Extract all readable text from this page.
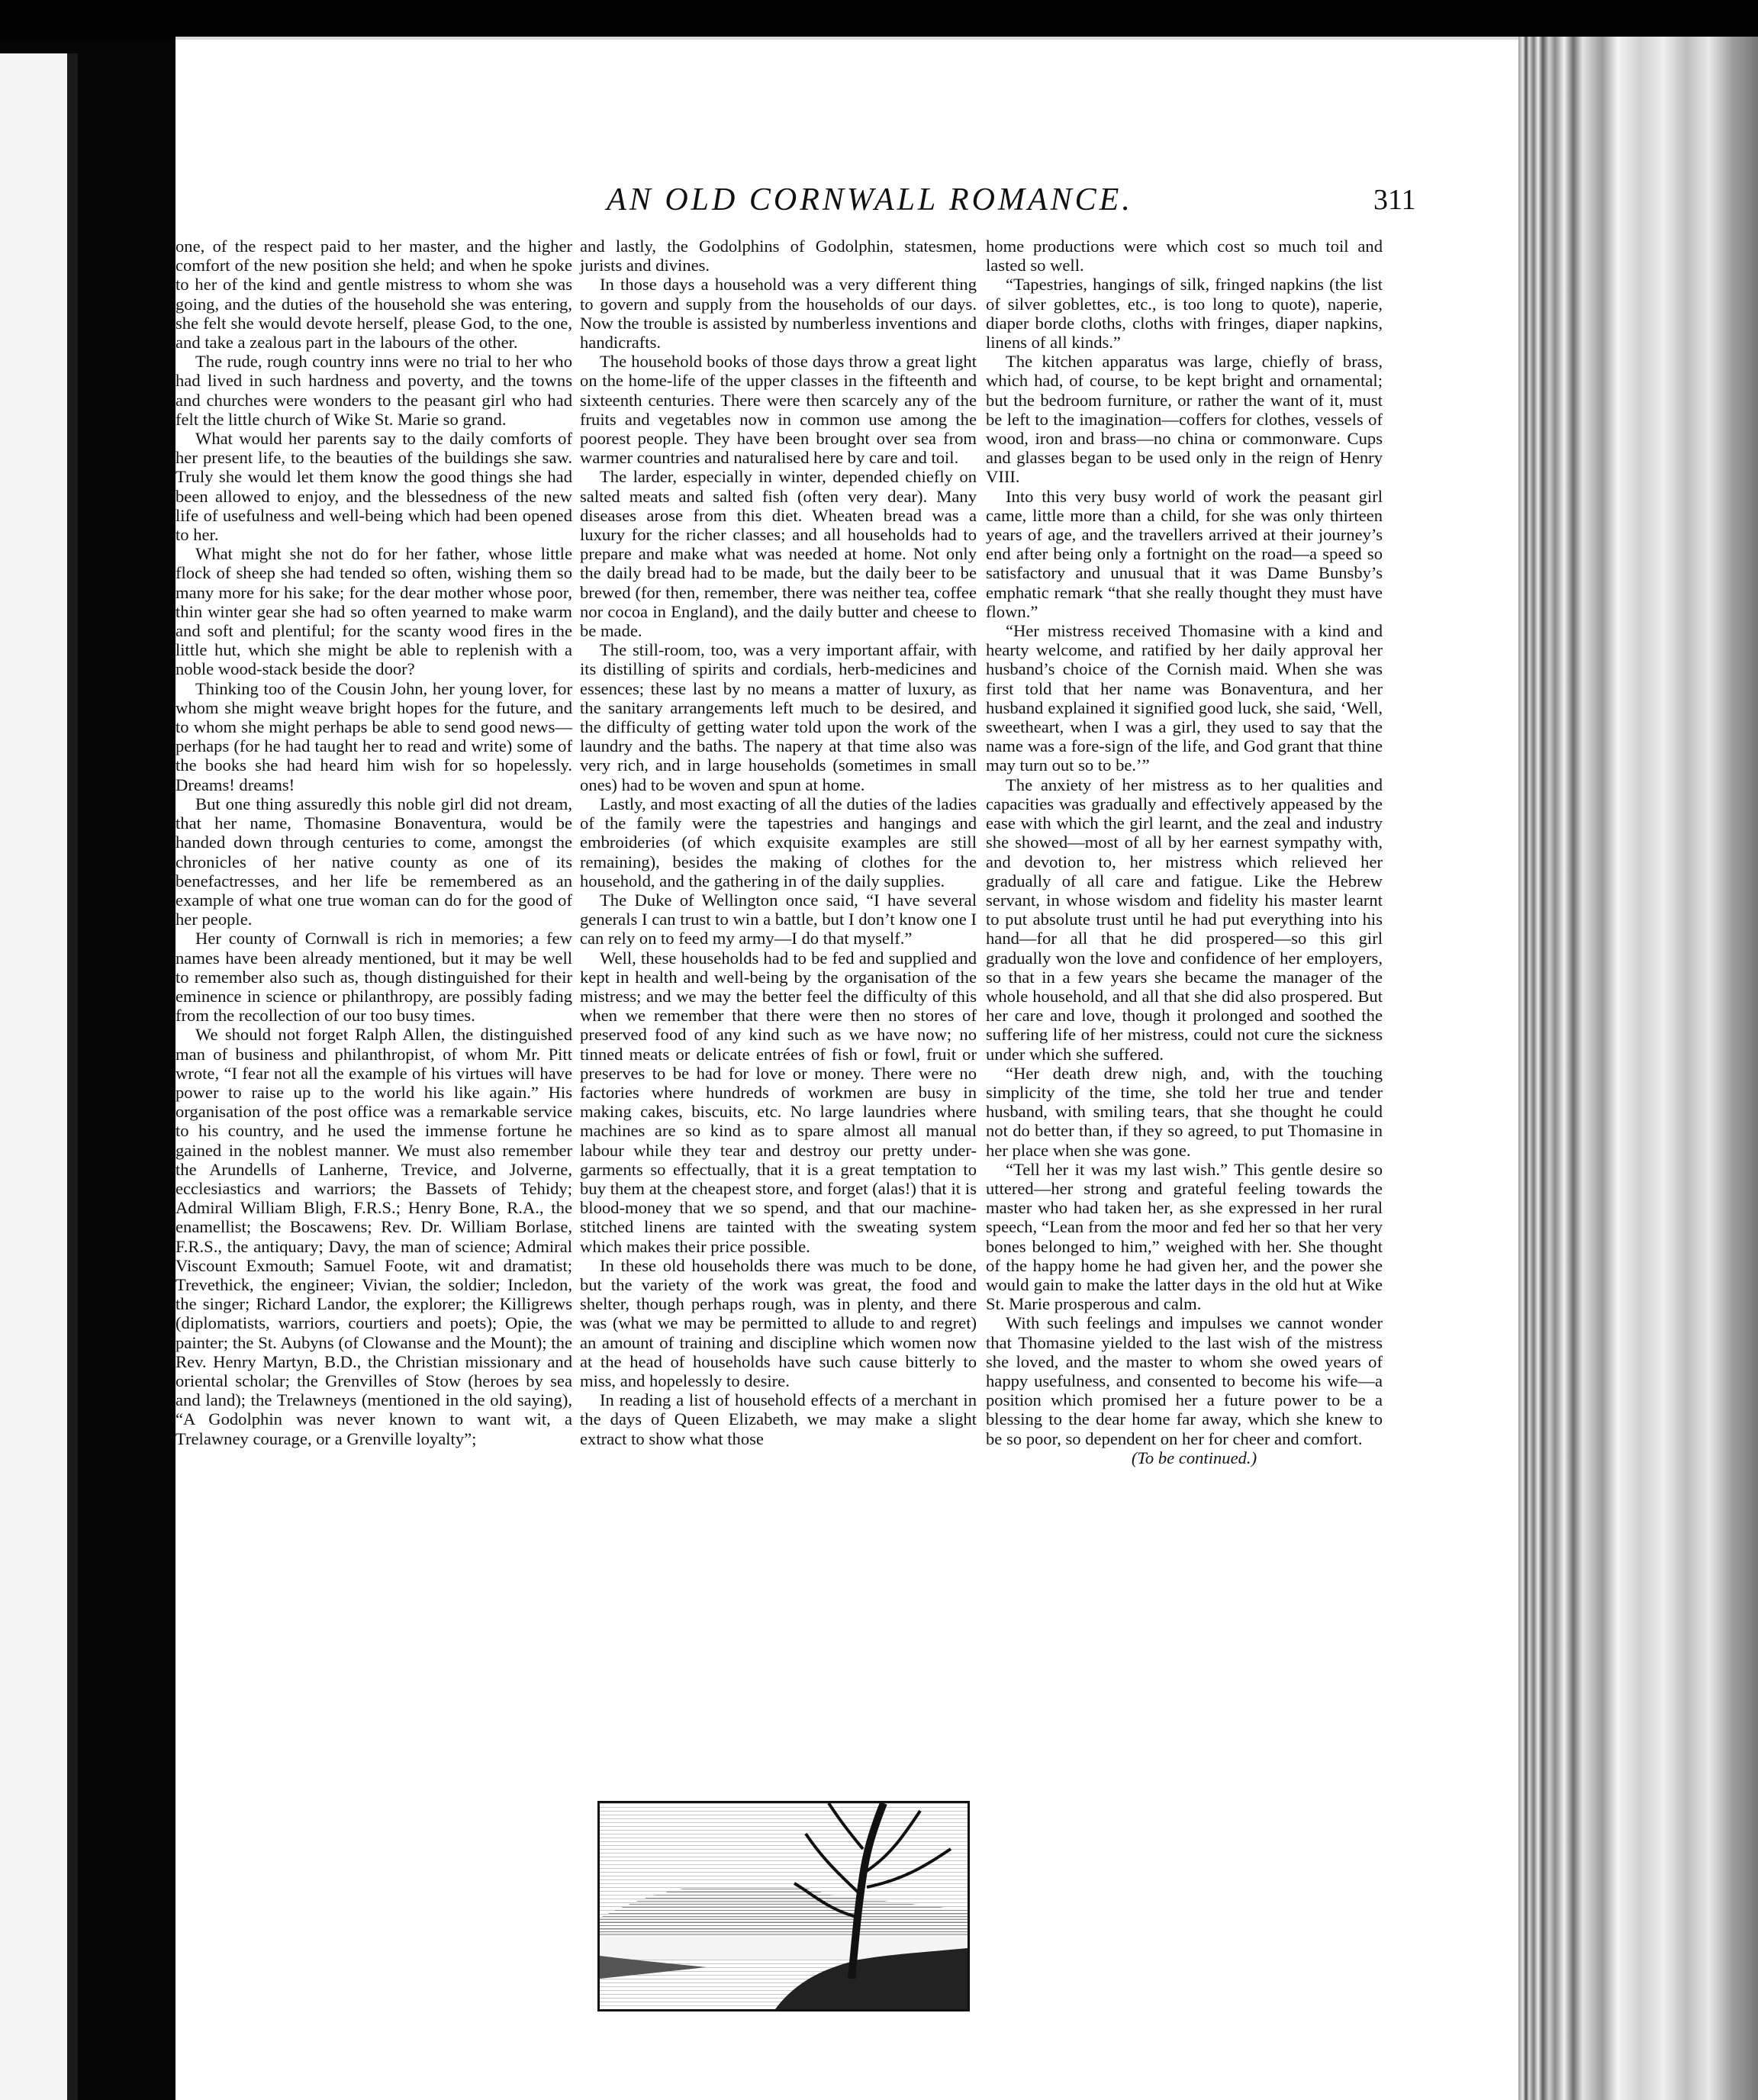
AN OLD CORNWALL ROMANCE.	311

one, of the respect paid to her master, and the higher comfort of the new position she held; and when he spoke to her of the kind and gentle mistress to whom she was going, and the duties of the household she was entering, she felt she would devote herself, please God, to the one, and take a zealous part in the labours of the other.

The rude, rough country inns were no trial to her who had lived in such hardness and poverty, and the towns and churches were wonders to the peasant girl who had felt the little church of Wike St. Marie so grand.

What would her parents say to the daily comforts of her present life, to the beauties of the buildings she saw. Truly she would let them know the good things she had been allowed to enjoy, and the blessedness of the new life of usefulness and well-being which had been opened to her.

What might she not do for her father, whose little flock of sheep she had tended so often, wishing them so many more for his sake; for the dear mother whose poor, thin winter gear she had so often yearned to make warm and soft and plentiful; for the scanty wood fires in the little hut, which she might be able to replenish with a noble wood-stack beside the door?

Thinking too of the Cousin John, her young lover, for whom she might weave bright hopes for the future, and to whom she might perhaps be able to send good news—perhaps (for he had taught her to read and write) some of the books she had heard him wish for so hopelessly. Dreams! dreams!

But one thing assuredly this noble girl did not dream, that her name, Thomasine Bonaventura, would be handed down through centuries to come, amongst the chronicles of her native county as one of its benefactresses, and her life be remembered as an example of what one true woman can do for the good of her people.

Her county of Cornwall is rich in memories; a few names have been already mentioned, but it may be well to remember also such as, though distinguished for their eminence in science or philanthropy, are possibly fading from the recollection of our too busy times.

We should not forget Ralph Allen, the distinguished man of business and philanthropist, of whom Mr. Pitt wrote, “I fear not all the example of his virtues will have power to raise up to the world his like again.” His organisation of the post office was a remarkable service to his country, and he used the immense fortune he gained in the noblest manner. We must also remember the Arundells of Lanherne, Trevice, and Jolverne, ecclesiastics and warriors; the Bassets of Tehidy; Admiral William Bligh, F.R.S.; Henry Bone, R.A., the enamellist; the Boscawens; Rev. Dr. William Borlase, F.R.S., the antiquary; Davy, the man of science; Admiral Viscount Exmouth; Samuel Foote, wit and dramatist; Trevethick, the engineer; Vivian, the soldier; Incledon, the singer; Richard Landor, the explorer; the Killigrews (diplomatists, warriors, courtiers and poets); Opie, the painter; the St. Aubyns (of Clowanse and the Mount); the Rev. Henry Martyn, B.D., the Christian missionary and oriental scholar; the Grenvilles of Stow (heroes by sea and land); the Trelawneys (mentioned in the old saying), “A Godolphin was never known to want wit, a Trelawney courage, or a Grenville loyalty”;

and lastly, the Godolphins of Godolphin, statesmen, jurists and divines.

In those days a household was a very different thing to govern and supply from the households of our days. Now the trouble is assisted by numberless inventions and handicrafts.

The household books of those days throw a great light on the home-life of the upper classes in the fifteenth and sixteenth centuries. There were then scarcely any of the fruits and vegetables now in common use among the poorest people. They have been brought over sea from warmer countries and naturalised here by care and toil.

The larder, especially in winter, depended chiefly on salted meats and salted fish (often very dear). Many diseases arose from this diet. Wheaten bread was a luxury for the richer classes; and all households had to prepare and make what was needed at home. Not only the daily bread had to be made, but the daily beer to be brewed (for then, remember, there was neither tea, coffee nor cocoa in England), and the daily butter and cheese to be made.

The still-room, too, was a very important affair, with its distilling of spirits and cordials, herb-medicines and essences; these last by no means a matter of luxury, as the sanitary arrangements left much to be desired, and the difficulty of getting water told upon the work of the laundry and the baths. The napery at that time also was very rich, and in large households (sometimes in small ones) had to be woven and spun at home.

Lastly, and most exacting of all the duties of the ladies of the family were the tapestries and hangings and embroideries (of which exquisite examples are still remaining), besides the making of clothes for the household, and the gathering in of the daily supplies.

The Duke of Wellington once said, “I have several generals I can trust to win a battle, but I don’t know one I can rely on to feed my army—I do that myself.”

Well, these households had to be fed and supplied and kept in health and well-being by the organisation of the mistress; and we may the better feel the difficulty of this when we remember that there were then no stores of preserved food of any kind such as we have now; no tinned meats or delicate entrées of fish or fowl, fruit or preserves to be had for love or money. There were no factories where hundreds of workmen are busy in making cakes, biscuits, etc. No large laundries where machines are so kind as to spare almost all manual labour while they tear and destroy our pretty under-garments so effectually, that it is a great temptation to buy them at the cheapest store, and forget (alas!) that it is blood-money that we so spend, and that our machine-stitched linens are tainted with the sweating system which makes their price possible.

In these old households there was much to be done, but the variety of the work was great, the food and shelter, though perhaps rough, was in plenty, and there was (what we may be permitted to allude to and regret) an amount of training and discipline which women now at the head of households have such cause bitterly to miss, and hopelessly to desire.

In reading a list of household effects of a merchant in the days of Queen Elizabeth, we may make a slight extract to show what those

home productions were which cost so much toil and lasted so well.

“Tapestries, hangings of silk, fringed napkins (the list of silver goblettes, etc., is too long to quote), naperie, diaper borde cloths, cloths with fringes, diaper napkins, linens of all kinds.”

The kitchen apparatus was large, chiefly of brass, which had, of course, to be kept bright and ornamental; but the bedroom furniture, or rather the want of it, must be left to the imagination—coffers for clothes, vessels of wood, iron and brass—no china or commonware. Cups and glasses began to be used only in the reign of Henry VIII.

Into this very busy world of work the peasant girl came, little more than a child, for she was only thirteen years of age, and the travellers arrived at their journey’s end after being only a fortnight on the road—a speed so satisfactory and unusual that it was Dame Bunsby’s emphatic remark “that she really thought they must have flown.”

“Her mistress received Thomasine with a kind and hearty welcome, and ratified by her daily approval her husband’s choice of the Cornish maid. When she was first told that her name was Bonaventura, and her husband explained it signified good luck, she said, ‘Well, sweetheart, when I was a girl, they used to say that the name was a fore-sign of the life, and God grant that thine may turn out so to be.’”

The anxiety of her mistress as to her qualities and capacities was gradually and effectively appeased by the ease with which the girl learnt, and the zeal and industry she showed—most of all by her earnest sympathy with, and devotion to, her mistress which relieved her gradually of all care and fatigue. Like the Hebrew servant, in whose wisdom and fidelity his master learnt to put absolute trust until he had put everything into his hand—for all that he did prospered—so this girl gradually won the love and confidence of her employers, so that in a few years she became the manager of the whole household, and all that she did also prospered. But her care and love, though it prolonged and soothed the suffering life of her mistress, could not cure the sickness under which she suffered.

“Her death drew nigh, and, with the touching simplicity of the time, she told her true and tender husband, with smiling tears, that she thought he could not do better than, if they so agreed, to put Thomasine in her place when she was gone.

“Tell her it was my last wish.” This gentle desire so uttered—her strong and grateful feeling towards the master who had taken her, as she expressed in her rural speech, “Lean from the moor and fed her so that her very bones belonged to him,” weighed with her. She thought of the happy home he had given her, and the power she would gain to make the latter days in the old hut at Wike St. Marie prosperous and calm.

With such feelings and impulses we cannot wonder that Thomasine yielded to the last wish of the mistress she loved, and the master to whom she owed years of happy usefulness, and consented to become his wife—a position which promised her a future power to be a blessing to the dear home far away, which she knew to be so poor, so dependent on her for cheer and comfort.

(To be continued.)
